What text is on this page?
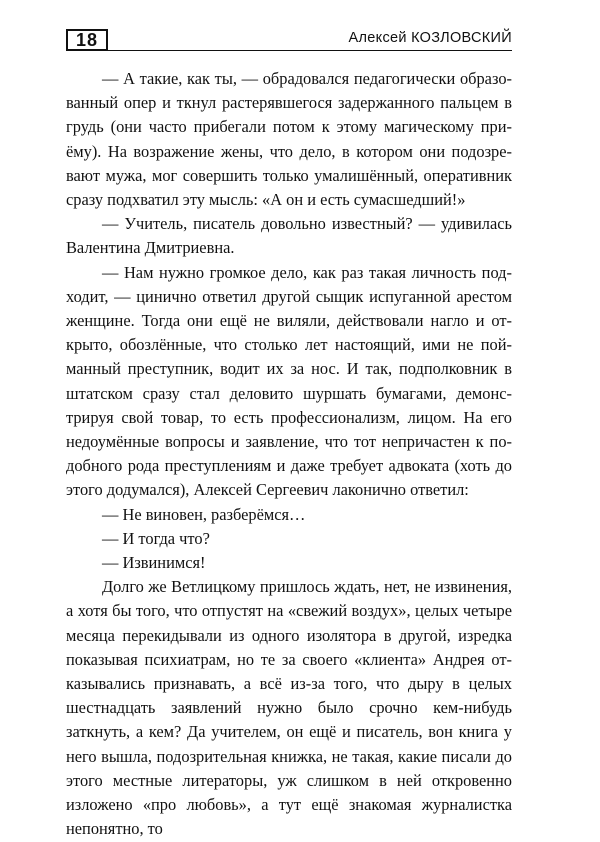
18	Алексей КОЗЛОВСКИЙ

— А такие, как ты, — обрадовался педагогически образованный опер и ткнул растерявшегося задержанного пальцем в грудь (они часто прибегали потом к этому магическому приёму). На возражение жены, что дело, в котором они подозревают мужа, мог совершить только умалишённый, оперативник сразу подхватил эту мысль: «А он и есть сумасшедший!»

— Учитель, писатель довольно известный? — удивилась Валентина Дмитриевна.

— Нам нужно громкое дело, как раз такая личность подходит, — цинично ответил другой сыщик испуганной арестом женщине. Тогда они ещё не виляли, действовали нагло и открыто, обозлённые, что столько лет настоящий, ими не пойманный преступник, водит их за нос. И так, подполковник в штатском сразу стал деловито шуршать бумагами, демонстрируя свой товар, то есть профессионализм, лицом. На его недоумённые вопросы и заявление, что тот непричастен к подобного рода преступлениям и даже требует адвоката (хоть до этого додумался), Алексей Сергеевич лаконично ответил:

— Не виновен, разберёмся…

— И тогда что?

— Извинимся!

Долго же Ветлицкому пришлось ждать, нет, не извинения, а хотя бы того, что отпустят на «свежий воздух», целых четыре месяца перекидывали из одного изолятора в другой, изредка показывая психиатрам, но те за своего «клиента» Андрея отказывались признавать, а всё из-за того, что дыру в целых шестнадцать заявлений нужно было срочно кем-нибудь заткнуть, а кем? Да учителем, он ещё и писатель, вон книга у него вышла, подозрительная книжка, не такая, какие писали до этого местные литераторы, уж слишком в ней откровенно изложено «про любовь», а тут ещё знакомая журналистка непонятно, то
